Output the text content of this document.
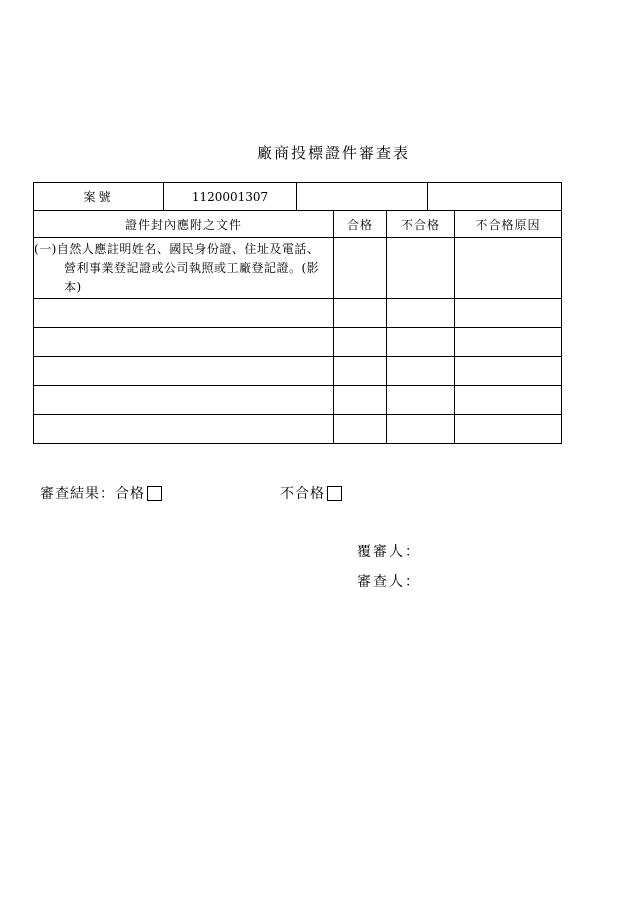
廠商投標證件審查表
案號	1120001307					
證件封內應附之文件			合格	不合格		不合格原因
(一)自然人應註明姓名、國民身份證、住址及電話、
營利事業登記證或公司執照或工廠登記證。(影本)						

審查結果：合格	不合格
覆審人：
審查人：
